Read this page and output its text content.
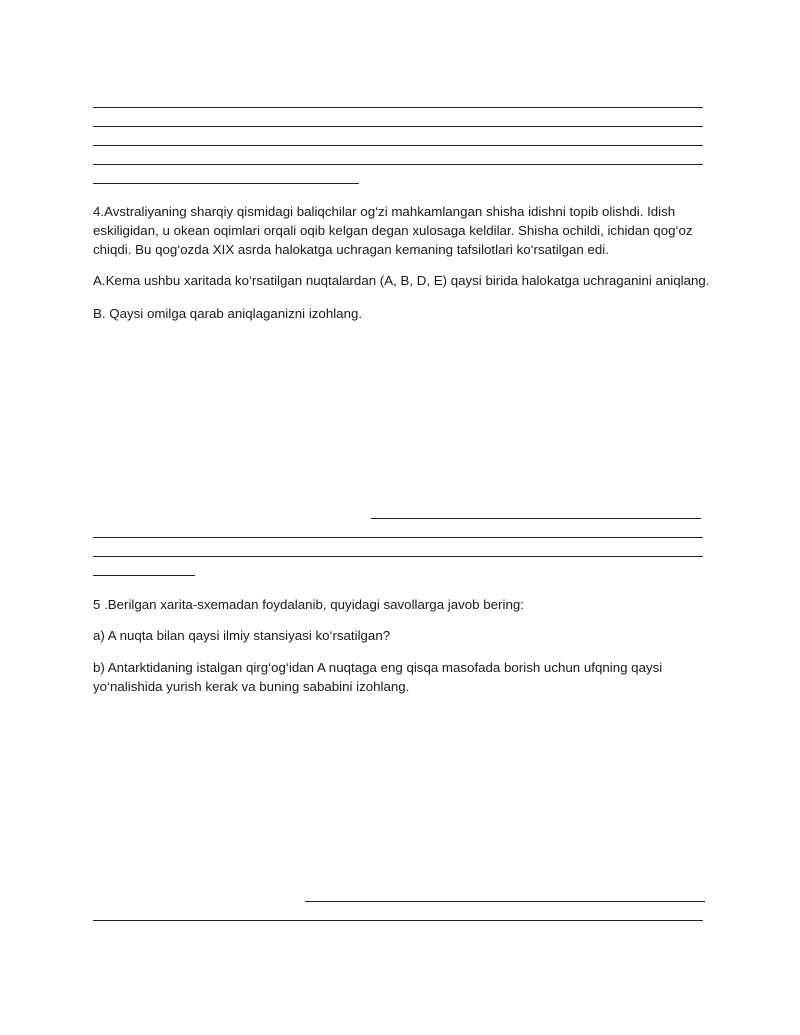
4.Avstraliyaning sharqiy qismidagi baliqchilar og‘zi mahkamlangan shisha idishni topib olishdi. Idish
eskiligidan, u okean oqimlari orqali oqib kelgan degan xulosaga keldilar. Shisha ochildi, ichidan qog‘oz
chiqdi. Bu qog‘ozda XIX asrda halokatga uchragan kemaning tafsilotlari ko‘rsatilgan edi.
A.Kema ushbu xaritada ko‘rsatilgan nuqtalardan (A, B, D, E) qaysi birida halokatga uchraganini aniqlang.
B. Qaysi omilga qarab aniqlaganizni izohlang.
5 .Berilgan xarita-sxemadan foydalanib, quyidagi savollarga javob bering:
a) A nuqta bilan qaysi ilmiy stansiyasi ko‘rsatilgan?
b) Antarktidaning istalgan qirg‘og‘idan A nuqtaga eng qisqa masofada borish uchun ufqning qaysi
yo‘nalishida yurish kerak va buning sababini izohlang.
